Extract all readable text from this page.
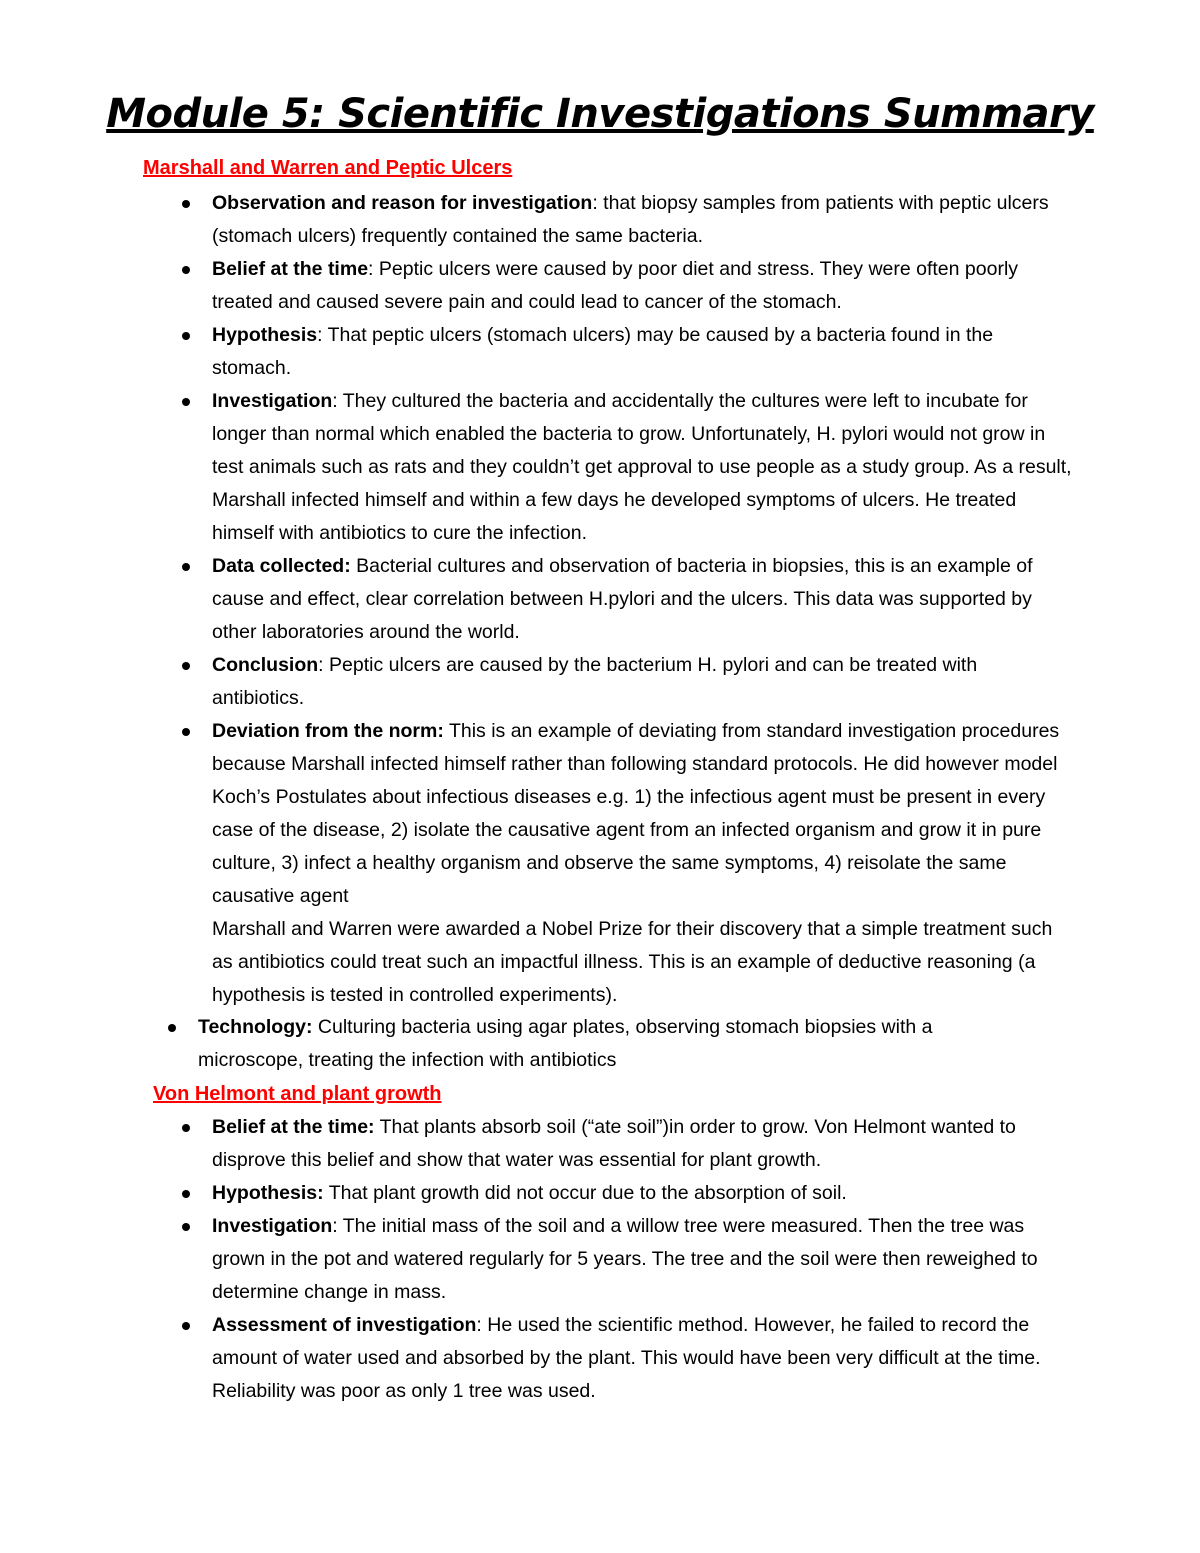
Module 5: Scientific Investigations Summary
Marshall and Warren and Peptic Ulcers
Observation and reason for investigation: that biopsy samples from patients with peptic ulcers (stomach ulcers) frequently contained the same bacteria.
Belief at the time: Peptic ulcers were caused by poor diet and stress. They were often poorly treated and caused severe pain and could lead to cancer of the stomach.
Hypothesis: That peptic ulcers (stomach ulcers) may be caused by a bacteria found in the stomach.
Investigation: They cultured the bacteria and accidentally the cultures were left to incubate for longer than normal which enabled the bacteria to grow. Unfortunately, H. pylori would not grow in test animals such as rats and they couldn’t get approval to use people as a study group. As a result, Marshall infected himself and within a few days he developed symptoms of ulcers. He treated himself with antibiotics to cure the infection.
Data collected: Bacterial cultures and observation of bacteria in biopsies, this is an example of cause and effect, clear correlation between H.pylori and the ulcers. This data was supported by other laboratories around the world.
Conclusion: Peptic ulcers are caused by the bacterium H. pylori and can be treated with antibiotics.
Deviation from the norm: This is an example of deviating from standard investigation procedures because Marshall infected himself rather than following standard protocols. He did however model Koch’s Postulates about infectious diseases e.g. 1) the infectious agent must be present in every case of the disease, 2) isolate the causative agent from an infected organism and grow it in pure culture, 3) infect a healthy organism and observe the same symptoms, 4) reisolate the same causative agent
Marshall and Warren were awarded a Nobel Prize for their discovery that a simple treatment such as antibiotics could treat such an impactful illness. This is an example of deductive reasoning (a hypothesis is tested in controlled experiments).
Technology: Culturing bacteria using agar plates, observing stomach biopsies with a microscope, treating the infection with antibiotics
Von Helmont and plant growth
Belief at the time: That plants absorb soil (“ate soil”)in order to grow. Von Helmont wanted to disprove this belief and show that water was essential for plant growth.
Hypothesis: That plant growth did not occur due to the absorption of soil.
Investigation: The initial mass of the soil and a willow tree were measured. Then the tree was grown in the pot and watered regularly for 5 years. The tree and the soil were then reweighed to determine change in mass.
Assessment of investigation: He used the scientific method. However, he failed to record the amount of water used and absorbed by the plant. This would have been very difficult at the time. Reliability was poor as only 1 tree was used.
